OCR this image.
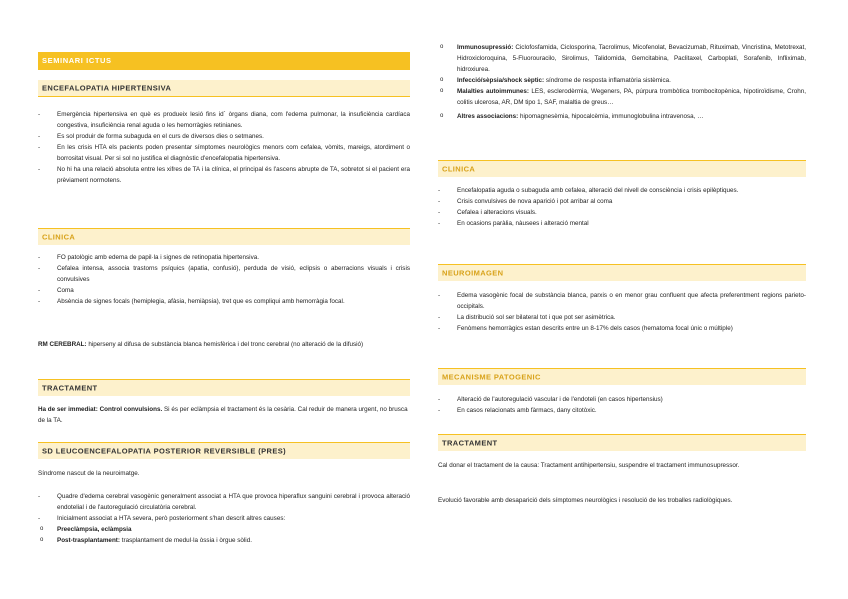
SEMINARI ICTUS
ENCEFALOPATIA HIPERTENSIVA
- Emergència hipertensiva en què es produeix lesió fins id´ òrgans diana, com l'edema pulmonar, la insuficiència cardíaca congestiva, insuficiència renal aguda o les hemorràgies retinianes.
- Es sol produir de forma subaguda en el curs de diversos dies o setmanes.
- En les crisis HTA els pacients poden presentar símptomes neurològics menors com cefalea, vòmits, mareigs, atordiment o borrositat visual. Per si sol no justifica el diagnòstic d'encefalopatia hipertensiva.
- No hi ha una relació absoluta entre les xifres de TA i la clínica, el principal és l'ascens abrupte de TA, sobretot si el pacient era prèviament normotens.
CLINICA
- FO patològic amb edema de papil·la i signes de retinopatia hipertensiva.
- Cefalea intensa, associa trastorns psíquics (apatia, confusió), perduda de visió, eclipsis o aberracions visuals i crisis convulsives
- Coma
- Absència de signes focals (hemiplegia, afàsia, hemiàpsia), tret que es compliqui amb hemorràgia focal.
RM CEREBRAL: hiperseny al difusa de substància blanca hemisfèrica i del tronc cerebral (no alteració de la difusió)
TRACTAMENT
Ha de ser immediat: Control convulsions. Si és per eclàmpsia el tractament és la cesària. Cal reduir de manera urgent, no brusca de la TA.
SD LEUCOENCEFALOPATIA POSTERIOR REVERSIBLE (PRES)
Síndrome nascut de la neuroimatge.
- Quadre d'edema cerebral vasogènic generalment associat a HTA que provoca hiperaflux sanguini cerebral i provoca alteració endotelial i de l'autoregulació circulatòria cerebral.
- Inicialment associat a HTA severa, però posteriorment s'han descrit altres causes:
o Preeclàmpsia, eclàmpsia
o Post-trasplantament: trasplantament de medul·la òssia i òrgue sòlid.
o Immunosupressió: Ciclofosfamida, Ciclosporina, Tacrolimus, Micofenolat, Bevacizumab, Rituximab, Vincristina, Metotrexat, Hidroxicloroquina, 5-Fluorouracilo, Sirolimus, Talidomida, Gemcitabina, Paclitaxel, Carboplati, Sorafenib, Infliximab, hidroxiurea.
o Infecció/sèpsia/shock sèptic: síndrome de resposta inflamatòria sistèmica.
o Malalties autoimmunes: LES, esclerodèrmia, Wegeners, PA, púrpura trombòtica trombocitopènica, hipotiroïdisme, Crohn, colitis ulcerosa, AR, DM tipo 1, SAF, malaltia de greus…
o Altres associacions: hipomagnesèmia, hipocalcèmia, immunoglobulina intravenosa, …
CLINICA
- Encefalopatia aguda o subaguda amb cefalea, alteració del nivell de consciència i crisis epilèptiques.
- Crisis convulsives de nova aparició i pot arribar al coma
- Cefalea i alteracions visuals.
- En ocasions paràlia, nàusees i alteració mental
NEUROIMAGEN
- Edema vasogènic focal de substància blanca, parxis o en menor grau confluent que afecta preferentment regions parieto-occipitals.
- La distribució sol ser bilateral tot i que pot ser asimètrica.
- Fenòmens hemorràgics estan descrits entre un 8-17% dels casos (hematoma focal únic o múltiple)
MECANISME PATOGENIC
- Alteració de l'autoregulació vascular i de l'endoteli (en casos hipertensius)
- En casos relacionats amb fàrmacs, dany citotòxic.
TRACTAMENT
Cal donar el tractament de la causa: Tractament antihipertensiu, suspendre el tractament immunosupressor.
Evolució favorable amb desaparició dels símptomes neurològics i resolució de les troballes radiològiques.
